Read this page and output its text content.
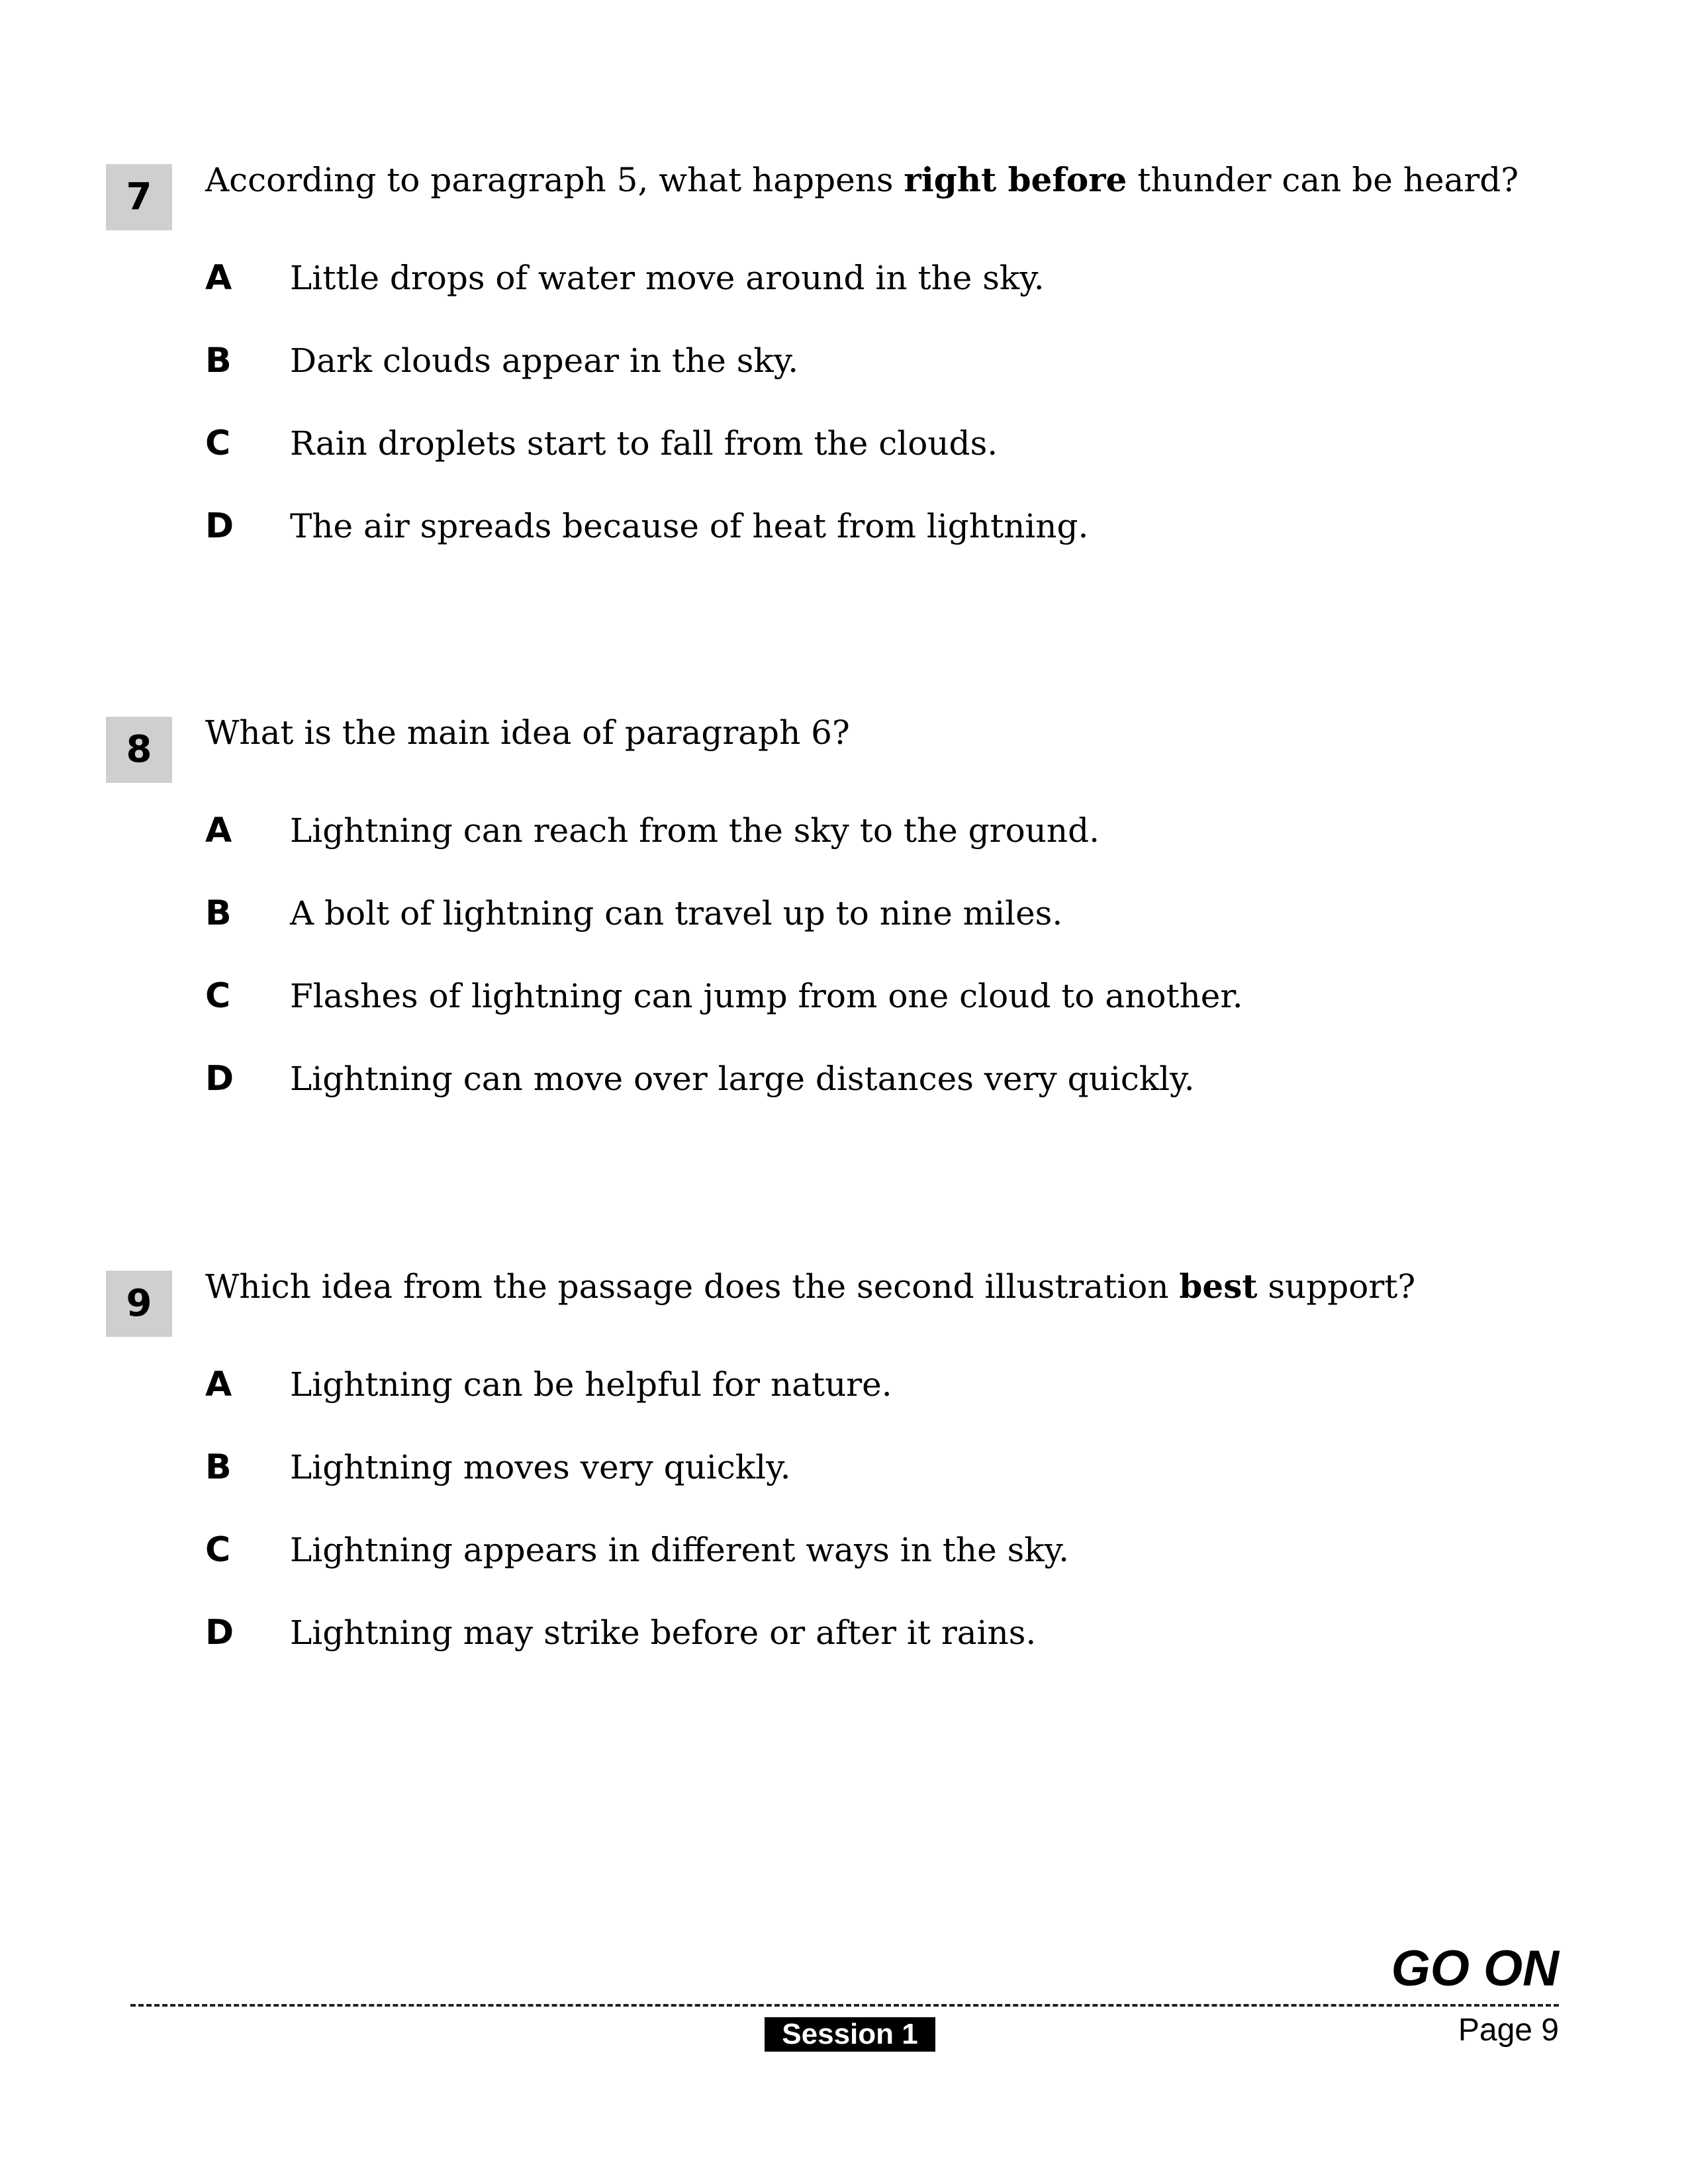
7	According to paragraph 5, what happens right before thunder can be heard?
A Little drops of water move around in the sky.
B Dark clouds appear in the sky.
C Rain droplets start to fall from the clouds.
D The air spreads because of heat from lightning.
8	What is the main idea of paragraph 6?
A Lightning can reach from the sky to the ground.
B A bolt of lightning can travel up to nine miles.
C Flashes of lightning can jump from one cloud to another.
D Lightning can move over large distances very quickly.
9	Which idea from the passage does the second illustration best support?
A Lightning can be helpful for nature.
B Lightning moves very quickly.
C Lightning appears in different ways in the sky.
D Lightning may strike before or after it rains.
GO ON
Session 1	Page 9
